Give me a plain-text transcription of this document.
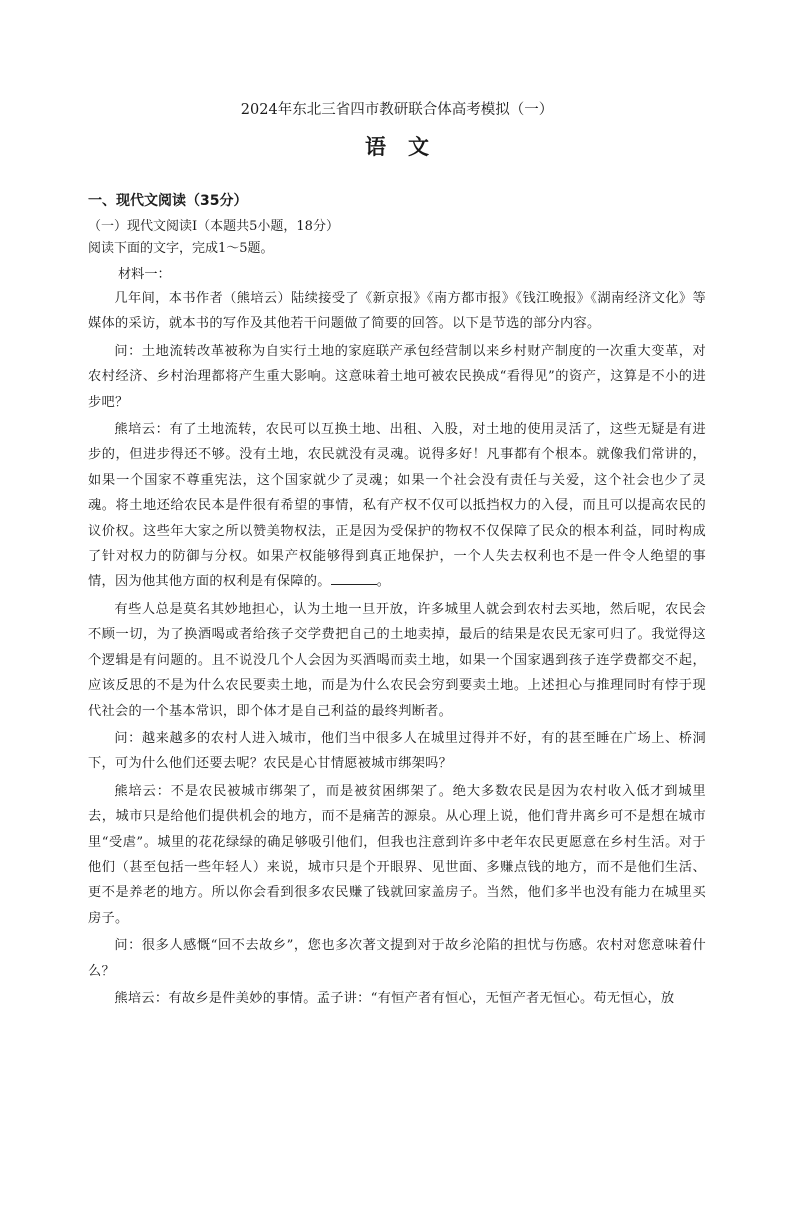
2024年东北三省四市教研联合体高考模拟（一）
语文
一、现代文阅读（35分）
（一）现代文阅读Ⅰ（本题共5小题，18分）
阅读下面的文字，完成1～5题。
材料一：

几年间，本书作者（熊培云）陆续接受了《新京报》《南方都市报》《钱江晚报》《湖南经济文化》等媒体的采访，就本书的写作及其他若干问题做了简要的回答。以下是节选的部分内容。

问：土地流转改革被称为自实行土地的家庭联产承包经营制以来乡村财产制度的一次重大变革，对农村经济、乡村治理都将产生重大影响。这意味着土地可被农民换成“看得见”的资产，这算是不小的进步吧？

熊培云：有了土地流转，农民可以互换土地、出租、入股，对土地的使用灵活了，这些无疑是有进步的，但进步得还不够。没有土地，农民就没有灵魂。说得多好！凡事都有个根本。就像我们常讲的，如果一个国家不尊重宪法，这个国家就少了灵魂；如果一个社会没有责任与关爱，这个社会也少了灵魂。将土地还给农民本是件很有希望的事情，私有产权不仅可以抵挡权力的入侵，而且可以提高农民的议价权。这些年大家之所以赞美物权法，正是因为受保护的物权不仅保障了民众的根本利益，同时构成了针对权力的防御与分权。如果产权能够得到真正地保护，一个人失去权利也不是一件令人绝望的事情，因为他其他方面的权利是有保障的。	。

有些人总是莫名其妙地担心，认为土地一旦开放，许多城里人就会到农村去买地，然后呢，农民会不顾一切，为了换酒喝或者给孩子交学费把自己的土地卖掉，最后的结果是农民无家可归了。我觉得这个逻辑是有问题的。且不说没几个人会因为买酒喝而卖土地，如果一个国家遇到孩子连学费都交不起，应该反思的不是为什么农民要卖土地，而是为什么农民会穷到要卖土地。上述担心与推理同时有悖于现代社会的一个基本常识，即个体才是自己利益的最终判断者。

问：越来越多的农村人进入城市，他们当中很多人在城里过得并不好，有的甚至睡在广场上、桥洞下，可为什么他们还要去呢？农民是心甘情愿被城市绑架吗？

熊培云：不是农民被城市绑架了，而是被贫困绑架了。绝大多数农民是因为农村收入低才到城里去，城市只是给他们提供机会的地方，而不是痛苦的源泉。从心理上说，他们背井离乡可不是想在城市里“受虐”。城里的花花绿绿的确足够吸引他们，但我也注意到许多中老年农民更愿意在乡村生活。对于他们（甚至包括一些年轻人）来说，城市只是个开眼界、见世面、多赚点钱的地方，而不是他们生活、更不是养老的地方。所以你会看到很多农民赚了钱就回家盖房子。当然，他们多半也没有能力在城里买房子。

问：很多人感慨“回不去故乡”，您也多次著文提到对于故乡沦陷的担忧与伤感。农村对您意味着什么？

熊培云：有故乡是件美妙的事情。孟子讲：“有恒产者有恒心，无恒产者无恒心。苟无恒心，放
